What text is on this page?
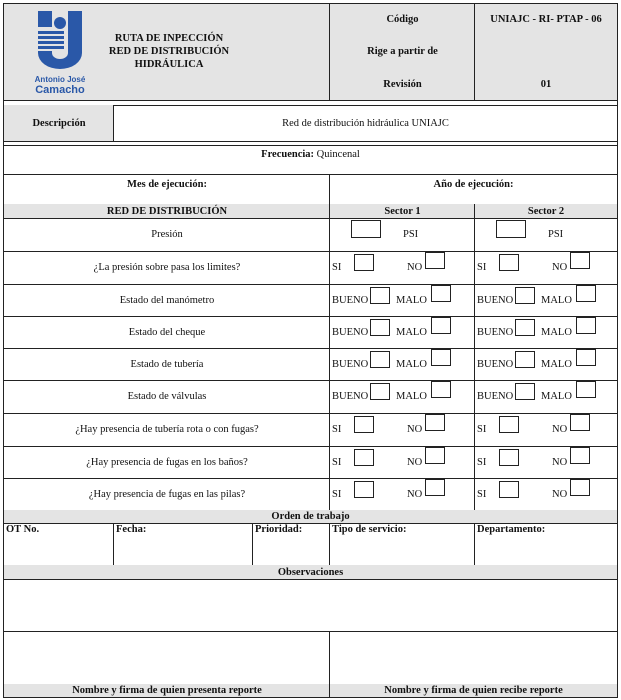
Antonio José
Camacho
RUTA DE INPECCIÓN
RED DE DISTRIBUCIÓN
HIDRÁULICA
Código	UNIAJC - RI- PTAP - 06
Rige a partir de
Revisión	01
Descripción	Red de distribución hidráulica UNIAJC
Frecuencia: Quincenal
Mes de ejecución:	Año de ejecución:
RED DE DISTRIBUCIÓN	Sector 1	Sector 2
Presión	PSI	PSI
¿La presión sobre pasa los limites?	SI	NO	SI	NO
Estado del manómetro	BUENO	MALO	BUENO	MALO
Estado del cheque	BUENO	MALO	BUENO	MALO
Estado de tubería	BUENO	MALO	BUENO	MALO
Estado de válvulas	BUENO	MALO	BUENO	MALO
¿Hay presencia de tubería rota o con fugas?	SI	NO	SI	NO
¿Hay presencia de fugas en los baños?	SI	NO	SI	NO
¿Hay presencia de fugas en las pilas?	SI	NO	SI	NO
Orden de trabajo
OT No.	Fecha:	Prioridad:	Tipo de servicio:	Departamento:
Observaciones
Nombre y firma de quien presenta reporte	Nombre y firma de quien recibe reporte
